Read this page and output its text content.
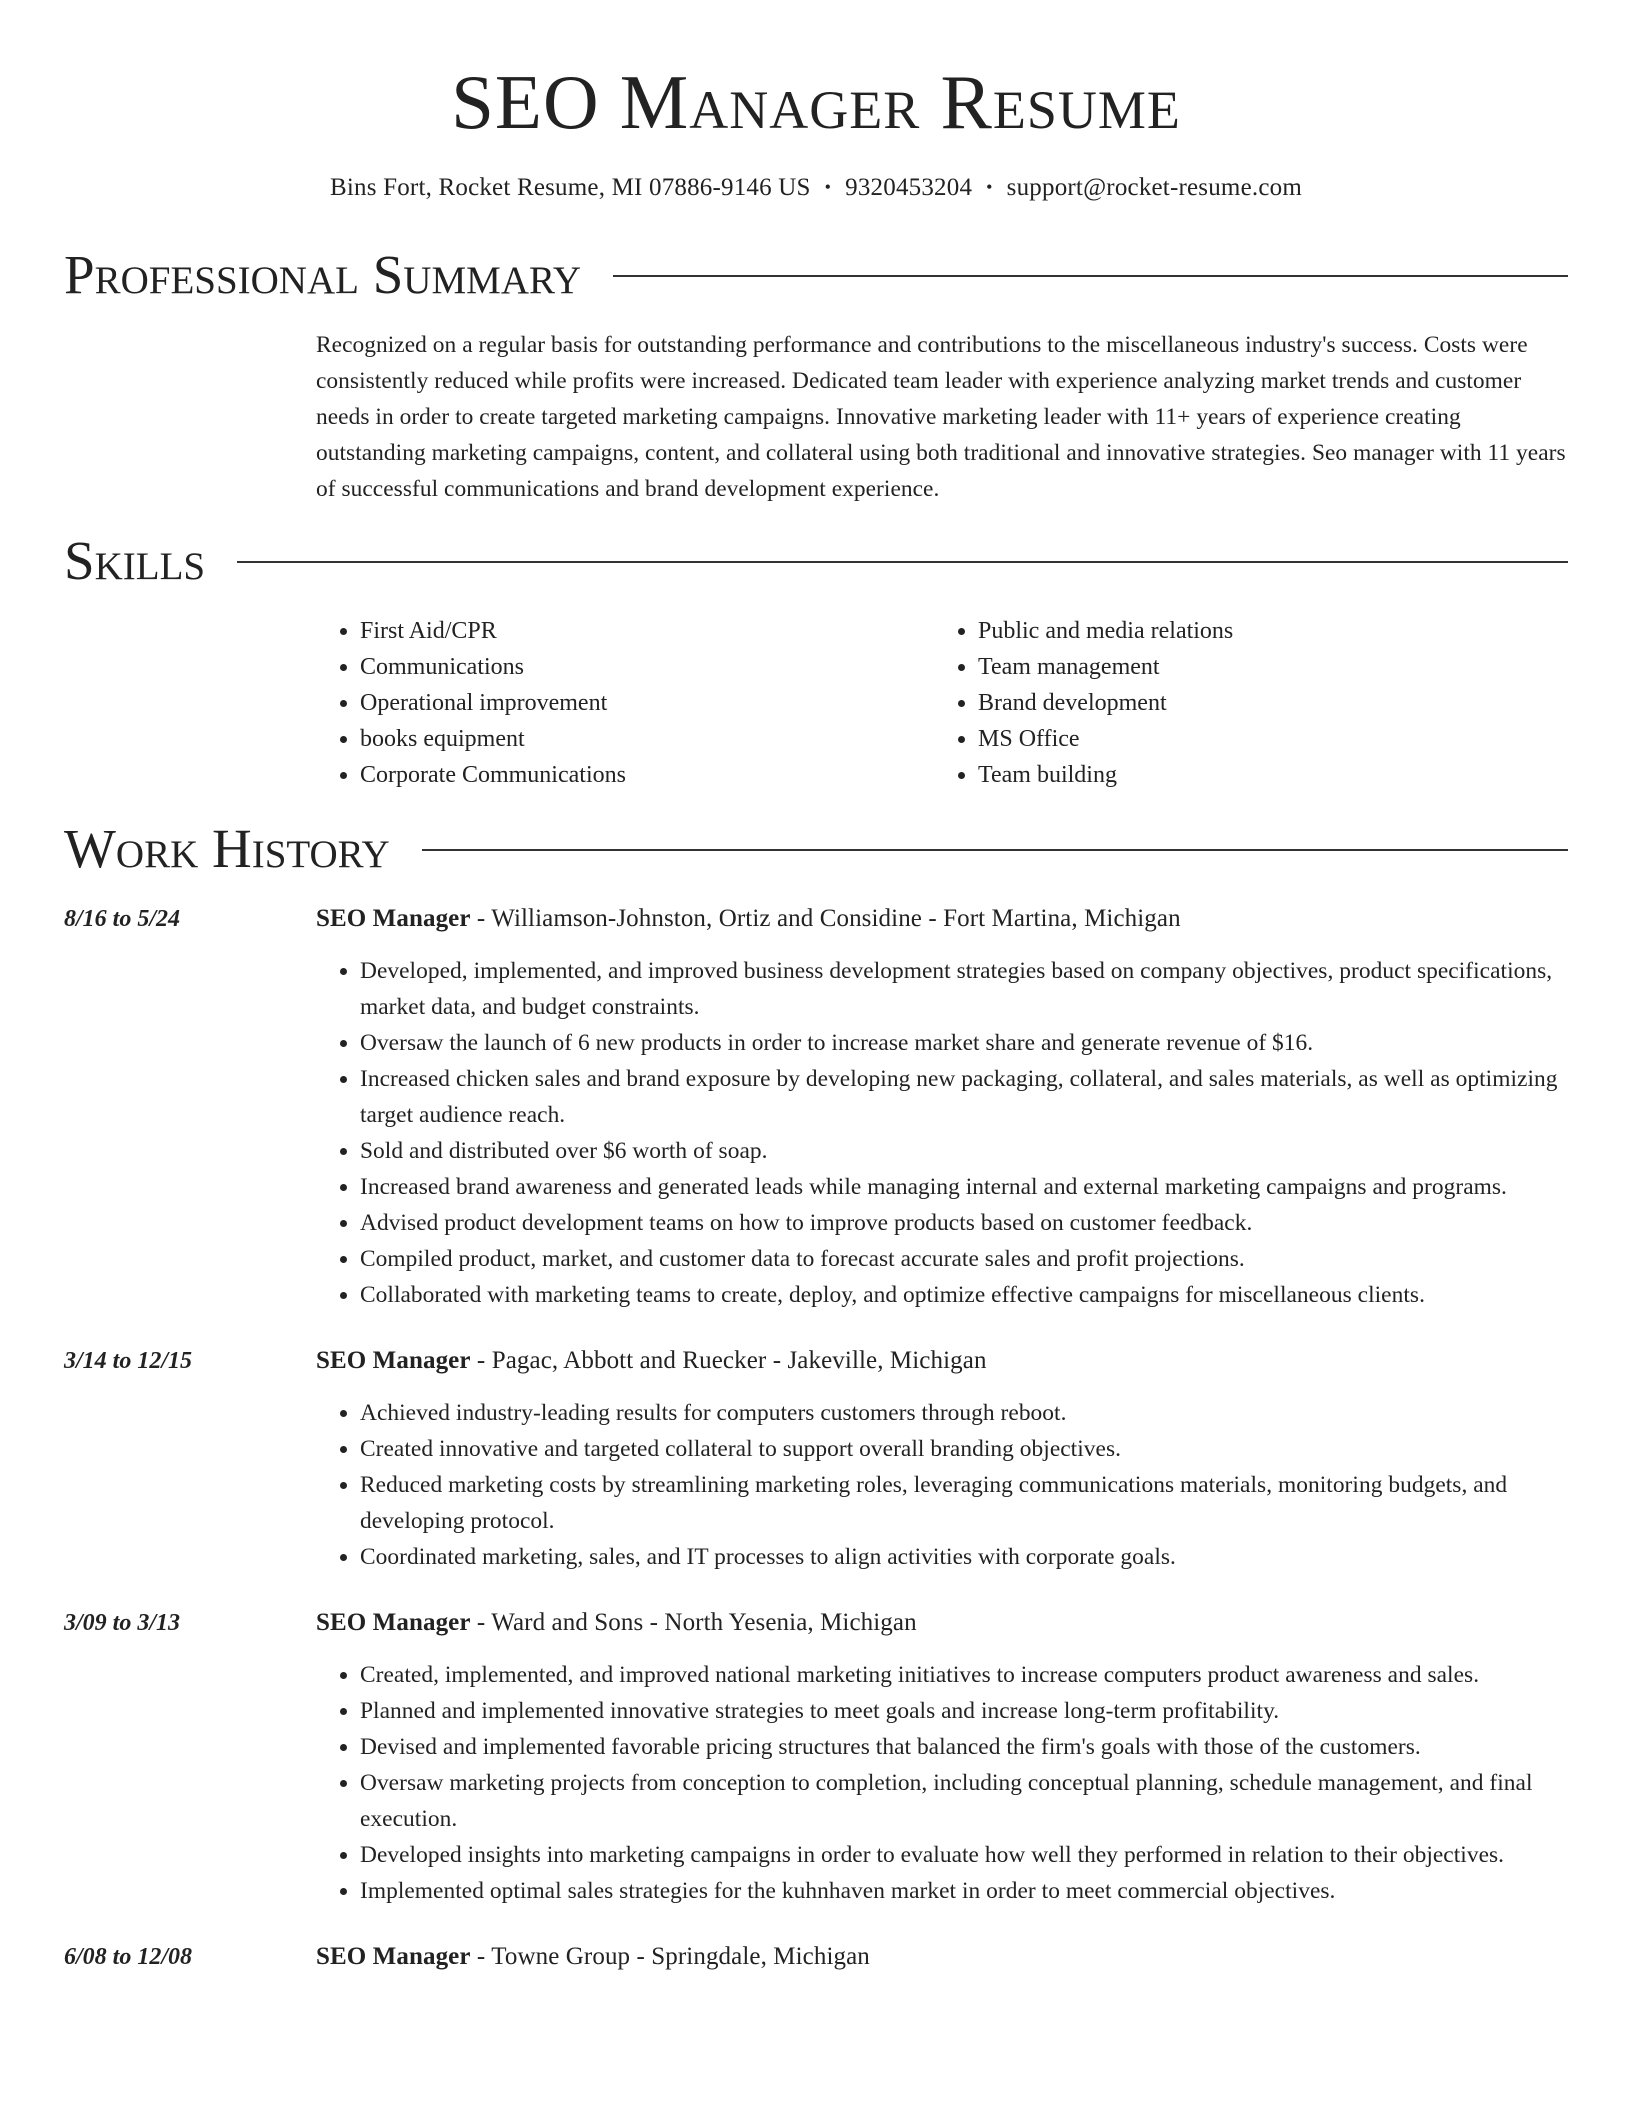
SEO Manager Resume
Bins Fort, Rocket Resume, MI 07886-9146 US • 9320453204 • support@rocket-resume.com
Professional Summary

Recognized on a regular basis for outstanding performance and contributions to the miscellaneous industry's success. Costs were consistently reduced while profits were increased. Dedicated team leader with experience analyzing market trends and customer needs in order to create targeted marketing campaigns. Innovative marketing leader with 11+ years of experience creating outstanding marketing campaigns, content, and collateral using both traditional and innovative strategies. Seo manager with 11 years of successful communications and brand development experience.

Skills
• First Aid/CPR
• Communications
• Operational improvement
• books equipment
• Corporate Communications
• Public and media relations
• Team management
• Brand development
• MS Office
• Team building
Work History
8/16 to 5/24	SEO Manager - Williamson-Johnston, Ortiz and Considine - Fort Martina, Michigan
• Developed, implemented, and improved business development strategies based on company objectives, product specifications, market data, and budget constraints.
• Oversaw the launch of 6 new products in order to increase market share and generate revenue of $16.
• Increased chicken sales and brand exposure by developing new packaging, collateral, and sales materials, as well as optimizing target audience reach.
• Sold and distributed over $6 worth of soap.
• Increased brand awareness and generated leads while managing internal and external marketing campaigns and programs.
• Advised product development teams on how to improve products based on customer feedback.
• Compiled product, market, and customer data to forecast accurate sales and profit projections.
• Collaborated with marketing teams to create, deploy, and optimize effective campaigns for miscellaneous clients.
3/14 to 12/15	SEO Manager - Pagac, Abbott and Ruecker - Jakeville, Michigan
• Achieved industry-leading results for computers customers through reboot.
• Created innovative and targeted collateral to support overall branding objectives.
• Reduced marketing costs by streamlining marketing roles, leveraging communications materials, monitoring budgets, and developing protocol.
• Coordinated marketing, sales, and IT processes to align activities with corporate goals.
3/09 to 3/13	SEO Manager - Ward and Sons - North Yesenia, Michigan
• Created, implemented, and improved national marketing initiatives to increase computers product awareness and sales.
• Planned and implemented innovative strategies to meet goals and increase long-term profitability.
• Devised and implemented favorable pricing structures that balanced the firm's goals with those of the customers.
• Oversaw marketing projects from conception to completion, including conceptual planning, schedule management, and final execution.
• Developed insights into marketing campaigns in order to evaluate how well they performed in relation to their objectives.
• Implemented optimal sales strategies for the kuhnhaven market in order to meet commercial objectives.
6/08 to 12/08	SEO Manager - Towne Group - Springdale, Michigan
